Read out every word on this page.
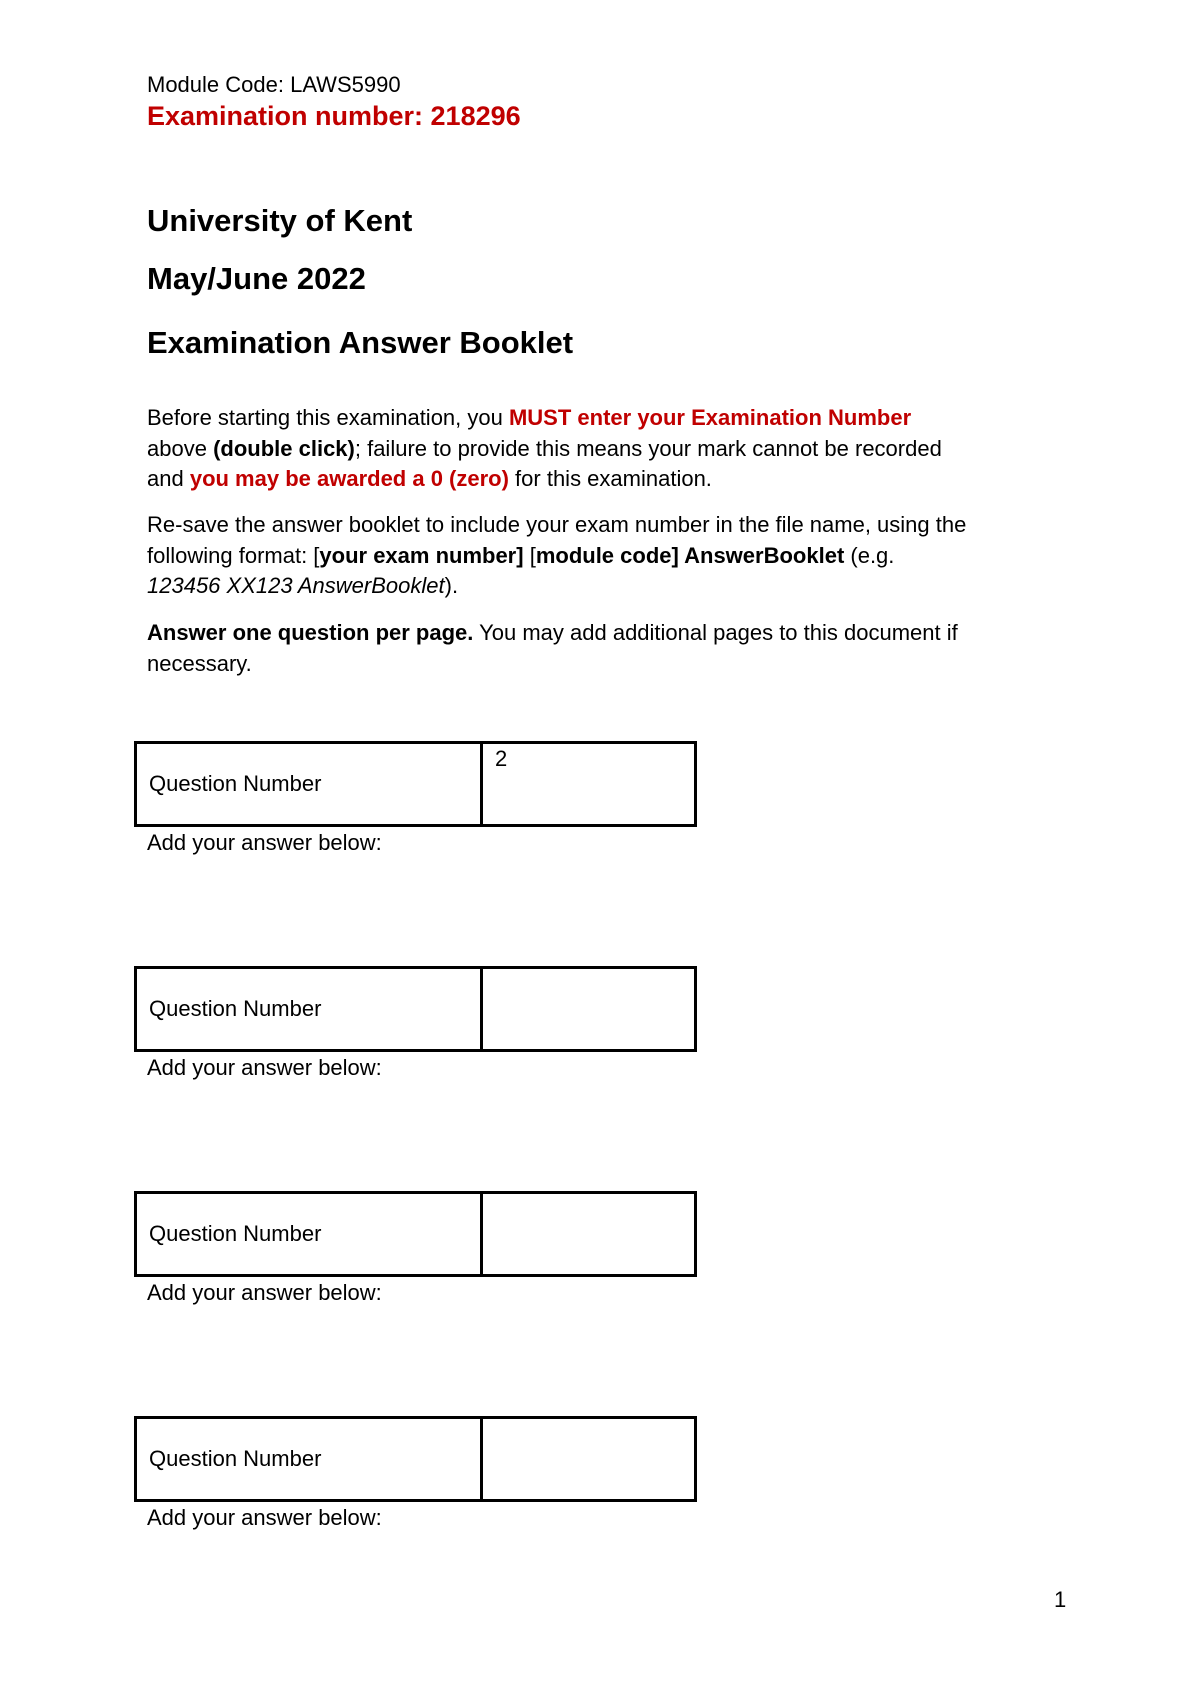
Module Code: LAWS5990
Examination number: 218296
University of Kent
May/June 2022
Examination Answer Booklet
Before starting this examination, you MUST enter your Examination Number
above (double click); failure to provide this means your mark cannot be recorded
and you may be awarded a 0 (zero) for this examination.
Re-save the answer booklet to include your exam number in the file name, using the
following format: [your exam number] [module code] AnswerBooklet (e.g.
123456 XX123 AnswerBooklet).
Answer one question per page. You may add additional pages to this document if
necessary.
Question Number
2
Add your answer below:
Question Number
Add your answer below:
Question Number
Add your answer below:
Question Number
Add your answer below:
1
